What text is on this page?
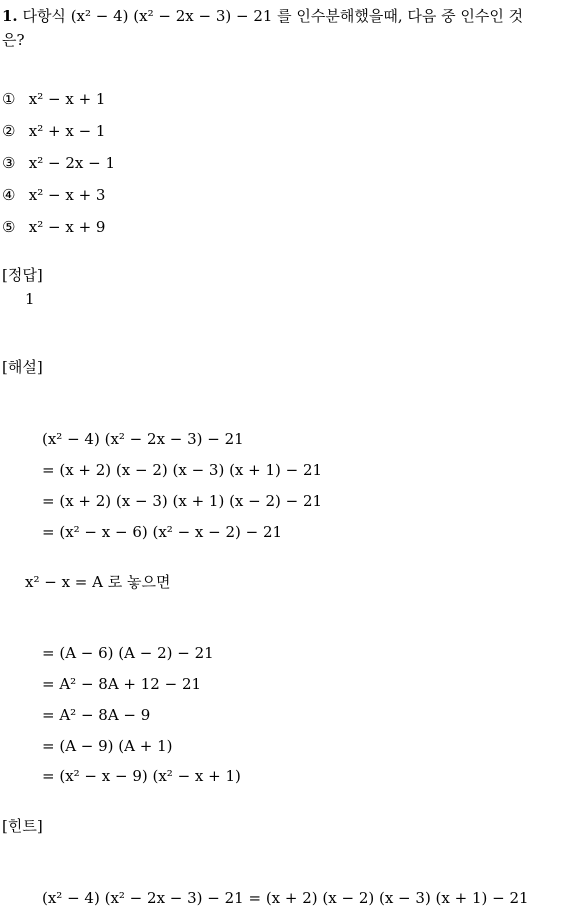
1. 다항식 (x² − 4) (x² − 2x − 3) − 21 를 인수분해했을때, 다음 중 인수인 것
은?
① x² − x + 1
② x² + x − 1
③ x² − 2x − 1
④ x² − x + 3
⑤ x² − x + 9
[정답]
1
[해설]
(x² − 4) (x² − 2x − 3) − 21
= (x + 2) (x − 2) (x − 3) (x + 1) − 21
= (x + 2) (x − 3) (x + 1) (x − 2) − 21
= (x² − x − 6) (x² − x − 2) − 21
x² − x = A 로 놓으면
= (A − 6) (A − 2) − 21
= A² − 8A + 12 − 21
= A² − 8A − 9
= (A − 9) (A + 1)
= (x² − x − 9) (x² − x + 1)
[힌트]
(x² − 4) (x² − 2x − 3) − 21 = (x + 2) (x − 2) (x − 3) (x + 1) − 21
